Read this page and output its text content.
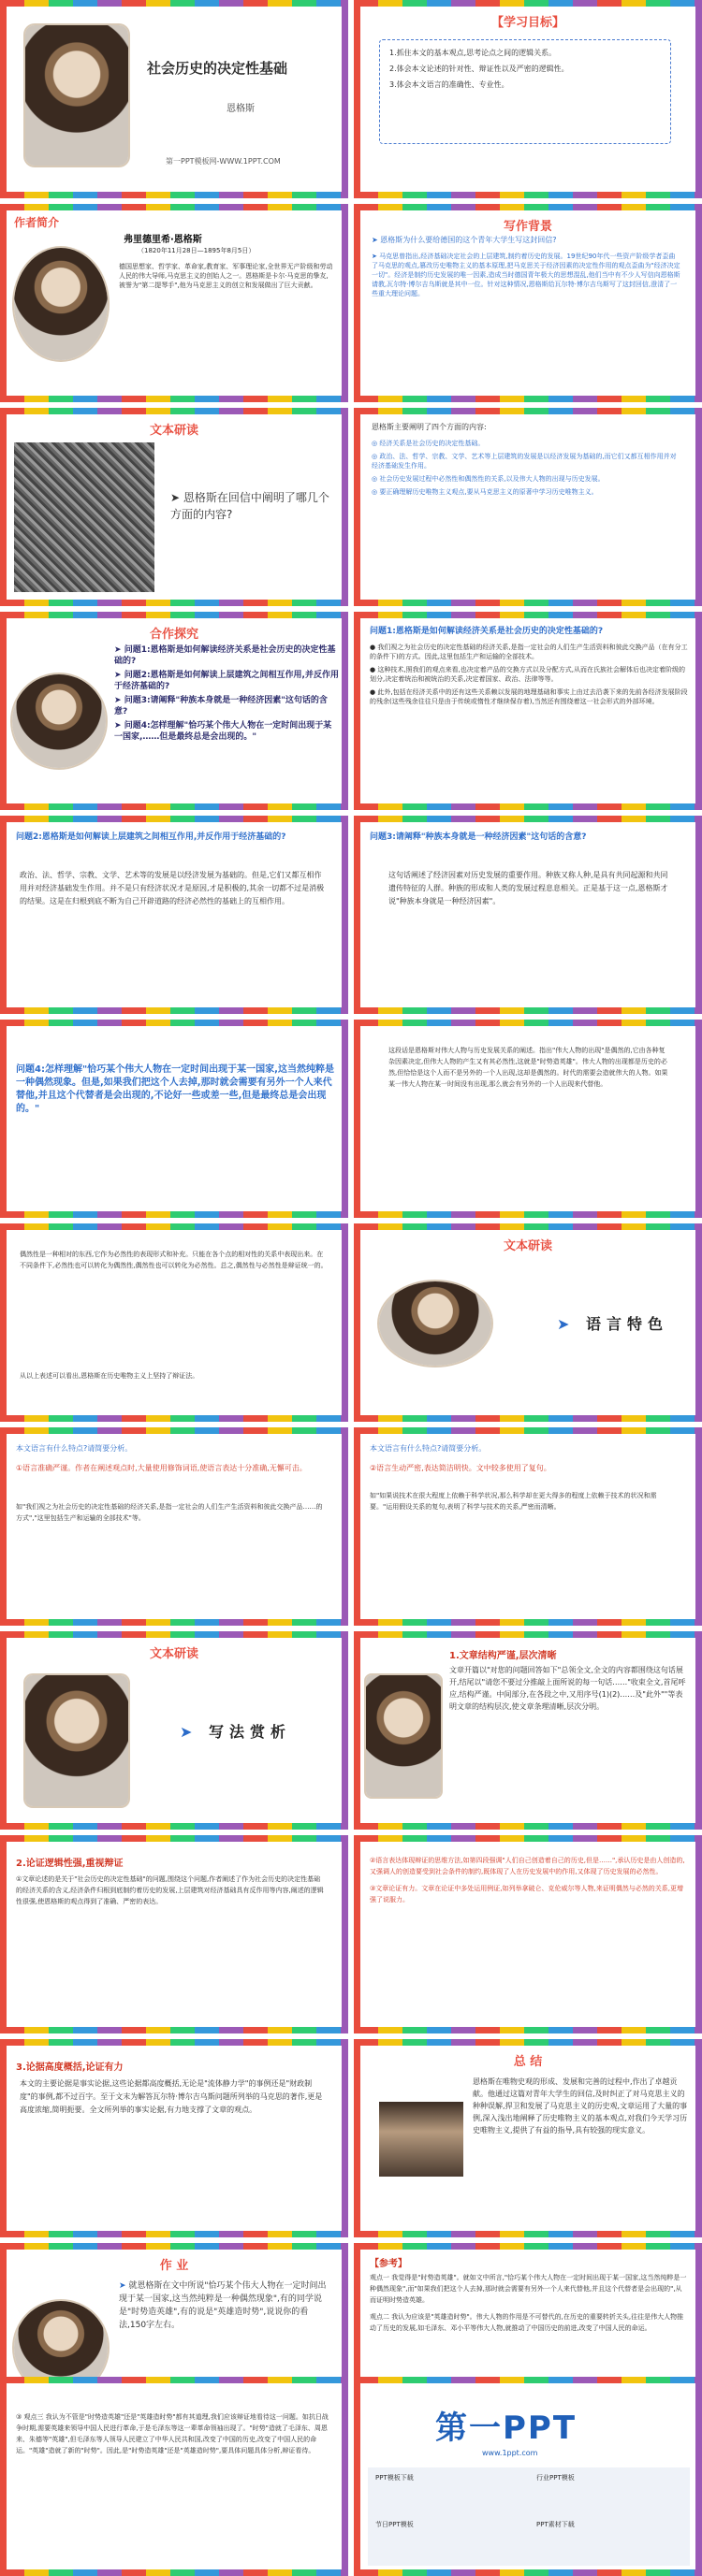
社会历史的决定性基础
恩格斯
第一PPT模板网-WWW.1PPT.COM
【学习目标】
1.抓住本文的基本观点,思考论点之间的逻辑关系。
2.体会本文论述的针对性、辩证性以及严密的逻辑性。
3.体会本文语言的准确性、专业性。
作者简介
弗里德里希·恩格斯
（1820年11月28日—1895年8月5日）
德国思想家、哲学家、革命家,教育家、军事理论家,全世界无产阶级和劳动人民的伟大导师,马克思主义的创始人之一。恩格斯是卡尔·马克思的挚友,被誉为"第二提琴手",他为马克思主义的创立和发展做出了巨大贡献。
写作背景
➤ 恩格斯为什么要给德国的这个青年大学生写这封回信?
➤ 马克思曾指出,经济基础决定社会的上层建筑,制约着历史的发展。19世纪90年代一些资产阶级学者歪曲了马克思的观点,篡改历史唯物主义的基本原理,把马克思关于经济因素的决定性作用的观点歪曲为"经济决定一切"。经济是制约历史发展的唯一因素,造成当时德国青年极大的思想混乱,他们当中有不少人写信向恩格斯请教,瓦尔特·博尔吉乌斯就是其中一位。针对这种情况,恩格斯给瓦尔特·博尔吉乌斯写了这封回信,澄清了一些重大理论问题。
文本研读
➤ 恩格斯在回信中阐明了哪几个方面的内容?
恩格斯主要阐明了四个方面的内容:
◎ 经济关系是社会历史的决定性基础。
◎ 政治、法、哲学、宗教、文学、艺术等上层建筑的发展是以经济发展为基础的,而它们又都互相作用并对经济基础发生作用。
◎ 社会历史发展过程中必然性和偶然性的关系,以及伟大人物的出现与历史发展。
◎ 要正确理解历史唯物主义观点,要从马克思主义的原著中学习历史唯物主义。
合作探究
➤ 问题1:恩格斯是如何解读经济关系是社会历史的决定性基础的?
➤ 问题2:恩格斯是如何解读上层建筑之间相互作用,并反作用于经济基础的?
➤ 问题3:请阐释"种族本身就是一种经济因素"这句话的含意?
➤ 问题4:怎样理解"恰巧某个伟大人物在一定时间出现于某一国家,……但是最终总是会出现的。"
问题1:恩格斯是如何解读经济关系是社会历史的决定性基础的?
● 我们视之为社会历史的决定性基础的经济关系,是指一定社会的人们生产生活资料和彼此交换产品（在有分工的条件下)的方式。因此,这里包括生产和运输的全部技术。
● 这种技术,照我们的观点来看,也决定着产品的交换方式以及分配方式,从而在氏族社会解体后也决定着阶级的划分,决定着统治和被统治的关系,决定着国家、政治、法律等等。
● 此外,包括在经济关系中的还有这些关系赖以发展的地理基础和事实上由过去沿袭下来的先前各经济发展阶段的残余(这些残余往往只是由于传统或惰性才继续保存着),当然还有围绕着这一社会形式的外部环境。
问题2:恩格斯是如何解读上层建筑之间相互作用,并反作用于经济基础的?
政治、法、哲学、宗教、文学、艺术等的发展是以经济发展为基础的。但是,它们又都互相作用并对经济基础发生作用。并不是只有经济状况才是原因,才是积极的,其余一切都不过是消极的结果。这是在归根到底不断为自己开辟道路的经济必然性的基础上的互相作用。
问题3:请阐释"种族本身就是一种经济因素"这句话的含意?
这句话阐述了经济因素对历史发展的重要作用。种族又称人种,是具有共同起源和共同遗传特征的人群。种族的形成和人类的发展过程息息相关。正是基于这一点,恩格斯才说"种族本身就是一种经济因素"。
问题4:怎样理解"恰巧某个伟大人物在一定时间出现于某一国家,这当然纯粹是一种偶然现象。但是,如果我们把这个人去掉,那时就会需要有另外一个人来代替他,并且这个代替者是会出现的,不论好一些或差一些,但是最终总是会出现的。"
这段话是恩格斯对伟大人物与历史发展关系的阐述。指出"伟大人物的出现"是偶然的,它由各种复杂因素决定,但伟大人物的产生又有其必然性,这就是"时势造英雄"。伟大人物的出现都是历史的必然,但恰恰是这个人而不是另外的一个人出现,这却是偶然的。时代的需要会造就伟大的人物。如果某一伟大人物在某一时间没有出现,那么就会有另外的一个人出现来代替他。
偶然性是一种相对的东西,它作为必然性的表现形式和补充。只能在各个点的相对性的关系中表现出来。在不同条件下,必然性也可以转化为偶然性,偶然性也可以转化为必然性。总之,偶然性与必然性是辩证统一的。
从以上表述可以看出,恩格斯在历史唯物主义上坚持了辩证法。
文本研读
➤ 语言特色
本文语言有什么特点?请简要分析。
①语言准确严谨。作者在阐述观点时,大量使用修饰词语,使语言表达十分准确,无懈可击。
如"我们视之为社会历史的决定性基础的经济关系,是指一定社会的人们生产生活资料和彼此交换产品……的方式","这里包括生产和运输的全部技术"等。
本文语言有什么特点?请简要分析。
②语言生动严密,表达简洁明快。文中较多使用了复句。
如"如果说技术在很大程度上依赖于科学状况,那么科学却在更大得多的程度上依赖于技术的状况和需要。"运用假设关系的复句,表明了科学与技术的关系,严密而清晰。
文本研读
➤ 写法赏析
1.文章结构严谨,层次清晰
文章开篇以"对您的问题回答如下"总领全文,全文的内容都围绕这句话展开,结尾以"请您不要过分推敲上面所说的每一句话……"收束全文,首尾呼应,结构严谨。中间部分,在各段之中,又用序号(1)(2)……及"此外""等表明文章的结构层次,使文章条理清晰,层次分明。
2.论证逻辑性强,重视辩证
①文章论述的是关于"社会历史的决定性基础"的问题,围绕这个问题,作者阐述了作为社会历史的决定性基础的经济关系的含义,经济条件归根到底制约着历史的发展,上层建筑对经济基础具有反作用等内容,阐述的逻辑性很强,使恩格斯的观点得到了准确、严密的表达。
②语言表达体现辩证的思维方法,如第四段强调"人们自己创造着自己的历史,但是……",承认历史是由人创造的,又强调人的创造要受到社会条件的制约,既体现了人在历史发展中的作用,又体现了历史发展的必然性。
③文章论证有力。文章在论证中多处运用例证,如列举拿破仑、克伦威尔等人物,来证明偶然与必然的关系,更增强了说服力。
3.论据高度概括,论证有力
本文的主要论据是事实论据,这些论据都高度概括,无论是"流体静力学"的事例还是"财政制度"的事例,都不过百字。至于文末为解答瓦尔特·博尔吉乌斯问题所列举的马克思的著作,更是高度浓缩,简明扼要。全文所列举的事实论据,有力地支撑了文章的观点。
总 结
恩格斯在唯物史观的形成、发展和完善的过程中,作出了卓越贡献。他通过这篇对青年大学生的回信,及时纠正了对马克思主义的种种误解,捍卫和发展了马克思主义的历史观,文章运用了大量的事例,深入浅出地阐释了历史唯物主义的基本观点,对我们今天学习历史唯物主义,提供了有益的指导,具有较强的现实意义。
作 业
➤ 就恩格斯在文中所说"恰巧某个伟大人物在一定时间出现于某一国家,这当然纯粹是一种偶然现象",有的同学说是"时势造英雄",有的说是"英雄造时势",说说你的看法,150字左右。
【参考】
观点一 我觉得是"时势造英雄"。就如文中所言,"恰巧某个伟大人物在一定时间出现于某一国家,这当然纯粹是一种偶然现象",而"如果我们把这个人去掉,那时就会需要有另外一个人来代替他,并且这个代替者是会出现的",从而证明时势造英雄。
观点二 我认为应该是"英雄造时势"。伟大人物的作用是不可替代的,在历史的重要转折关头,往往是伟大人物推动了历史的发展,如毛泽东、邓小平等伟大人物,就推动了中国历史的前进,改变了中国人民的命运。
③ 观点三 我认为不管是"时势造英雄"还是"英雄造时势"都有其道理,我们应该辩证地看待这一问题。如抗日战争时期,需要英雄来领导中国人民进行革命,于是毛泽东等这一辈革命领袖出现了。"时势"造就了毛泽东、周恩来、朱德等"英雄",但毛泽东等人领导人民建立了中华人民共和国,改变了中国的历史,改变了中国人民的命运。"英雄"造就了新的"时势"。因此,是"时势造英雄"还是"英雄造时势",要具体问题具体分析,辩证看待。
第一PPT
www.1ppt.com
PPT模板下载	行业PPT模板
节日PPT模板	PPT素材下载
